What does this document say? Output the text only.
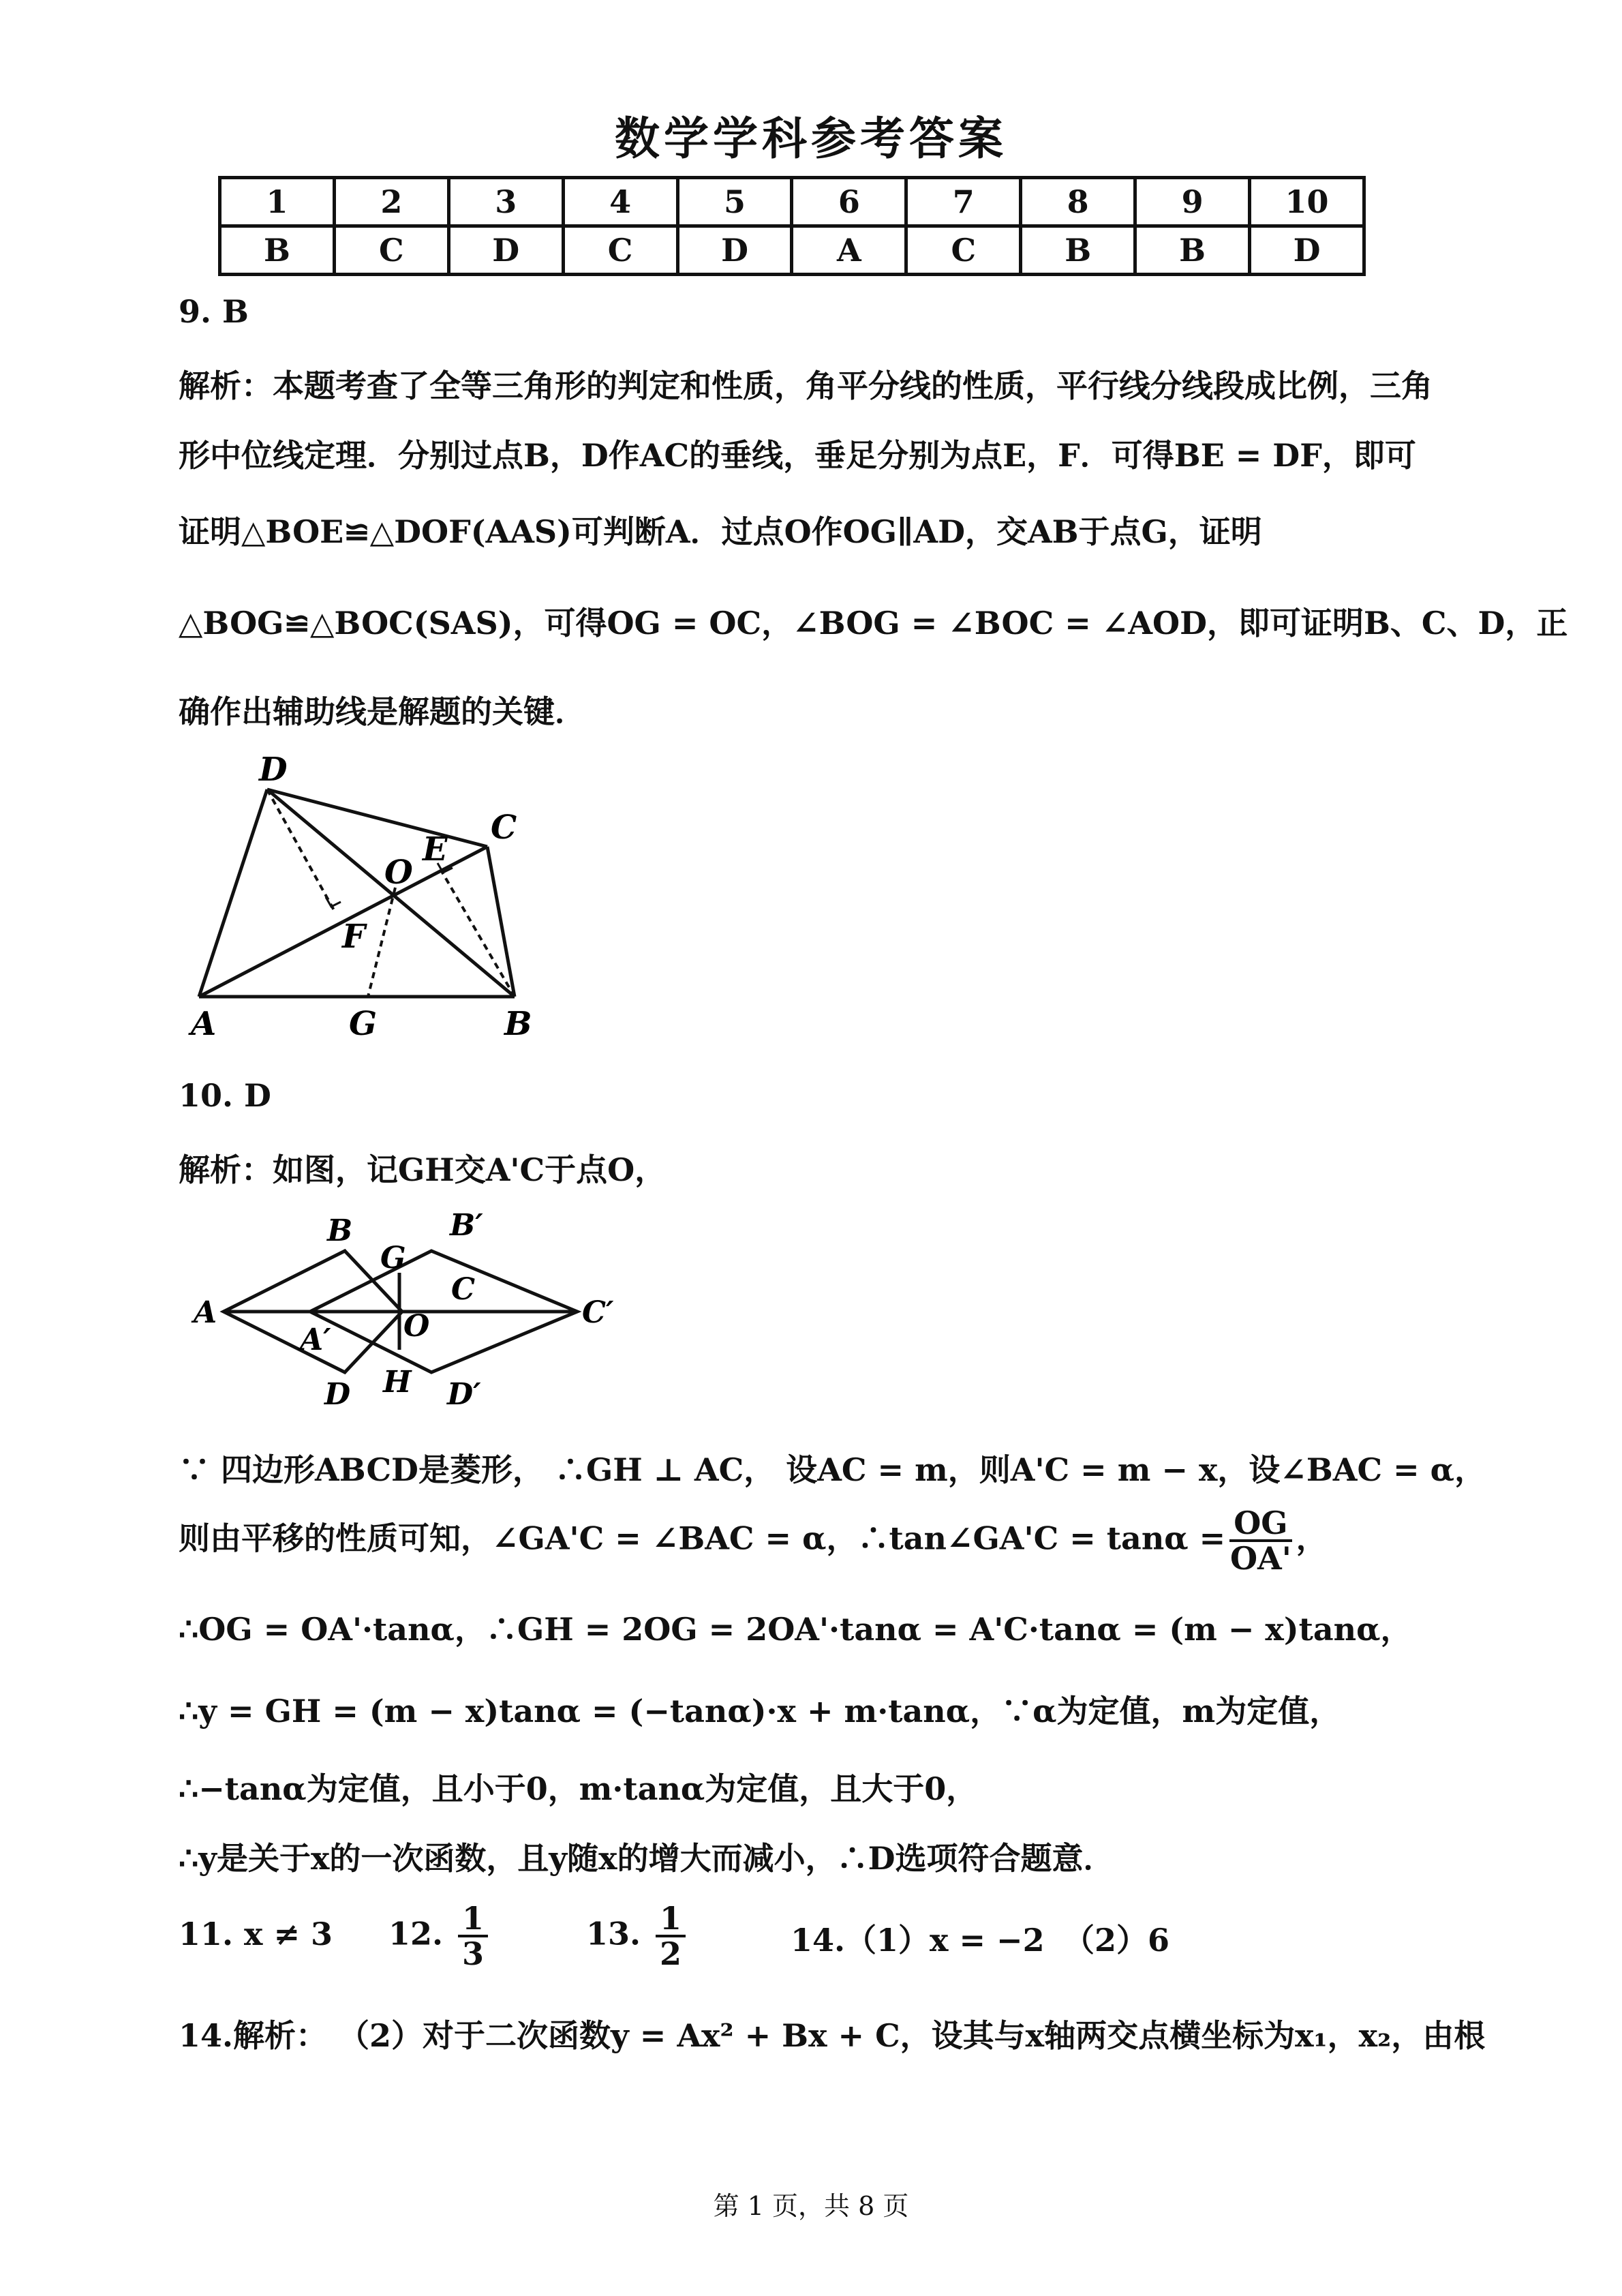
数学学科参考答案
1	2	3	4	5	6	7	8	9	10
B	C	D	C	D	A	C	B	B	D
9. B
解析：本题考查了全等三角形的判定和性质，角平分线的性质，平行线分线段成比例，三角
形中位线定理．分别过点B，D作AC的垂线，垂足分别为点E，F．可得BE = DF，即可
证明△BOE≌△DOF(AAS)可判断A．过点O作OG∥AD，交AB于点G，证明
△BOG≌△BOC(SAS)，可得OG = OC，∠BOG = ∠BOC = ∠AOD，即可证明B、C、D，正
确作出辅助线是解题的关键．
D
C
E
O
F
A	G	B
10. D
解析：如图，记GH交A'C于点O，
B	B′
G
A
C
C′
A′ O
D H D′
∵ 四边形ABCD是菱形， ∴GH ⊥ AC， 设AC = m，则A'C = m − x，设∠BAC = α，
则由平移的性质可知，∠GA'C = ∠BAC = α，∴tan∠GA'C = $\tan\alpha = \frac{OG}{OA'}$ ，
∴OG = OA'·tanα，∴GH = 2OG = 2OA'·tanα = A'C·tanα = (m − x)tanα，
∴y = GH = (m − x)tanα = (−tanα)·x + m·tanα，∵α为定值，m为定值，
∴−tanα为定值，且小于0，m·tanα为定值，且大于0，
∴y是关于x的一次函数，且y随x的增大而减小，∴D选项符合题意．
11. x ≠ 3 12. $\frac{1}{3}$	13. $\frac{1}{2}$	14.（1）x = −2 （2）6
14.解析： （2）对于二次函数y = Ax² + Bx + C，设其与x轴两交点横坐标为x₁，x₂，由根
第 1 页，共 8 页
